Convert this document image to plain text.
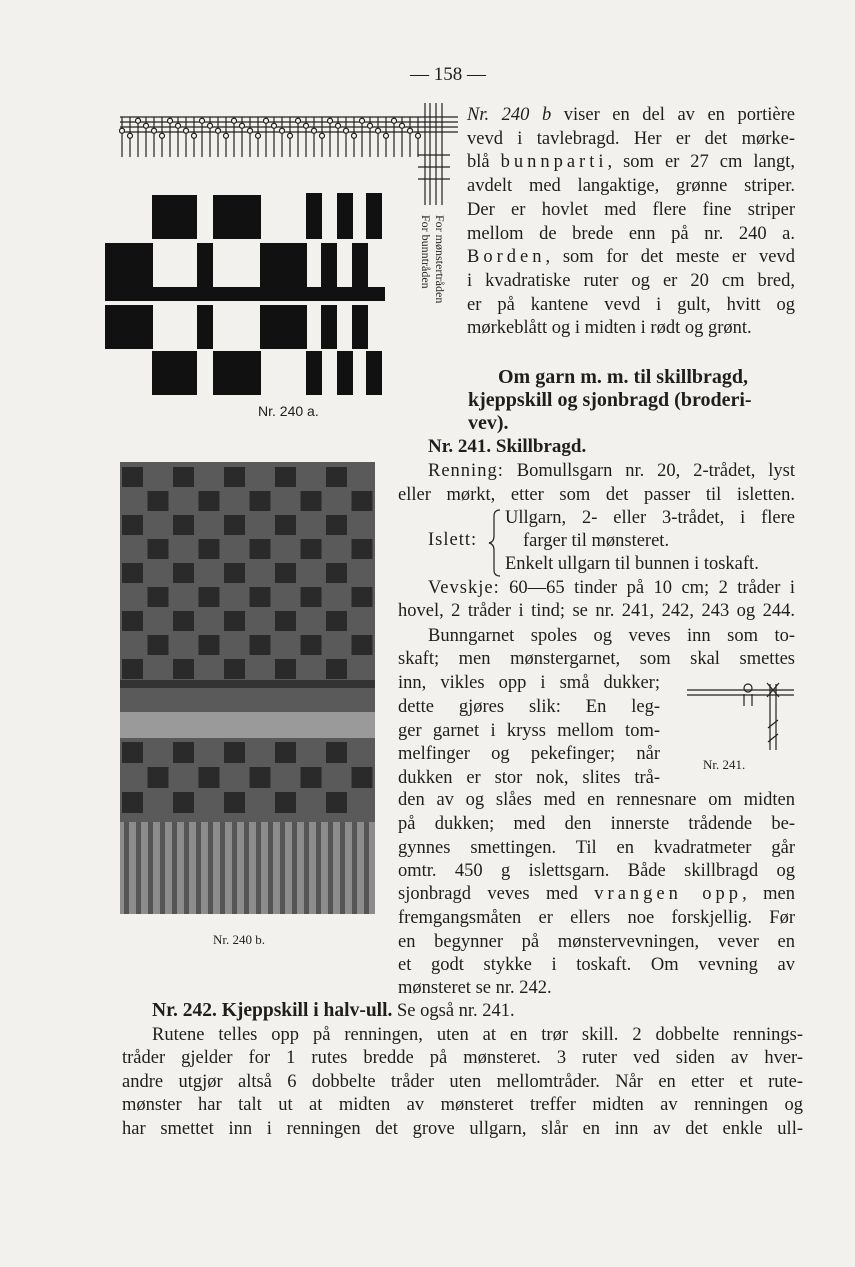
— 158 —
For mønstertråden
For bunntråden
Nr. 240 a.
Nr. 240 b.
Nr. 240 b viser en del av en portière
vevd i tavlebragd. Her er det mørke-
blå bunnparti, som er 27 cm langt,
avdelt med langaktige, grønne striper.
Der er hovlet med flere fine striper
mellom de brede enn på nr. 240 a.
Borden, som for det meste er vevd
i kvadratiske ruter og er 20 cm bred,
er på kantene vevd i gult, hvitt og
mørkeblått og i midten i rødt og grønt.
Om garn m. m. til skillbragd,
kjeppskill og sjonbragd (broderi-
vev).
Nr. 241. Skillbragd.
Renning: Bomullsgarn nr. 20, 2-trådet, lyst
eller mørkt, etter som det passer til isletten.
Islett:
Ullgarn, 2- eller 3-trådet, i flere
farger til mønsteret.
Enkelt ullgarn til bunnen i toskaft.
Vevskje: 60—65 tinder på 10 cm; 2 tråder i
hovel, 2 tråder i tind; se nr. 241, 242, 243 og 244.
Bunngarnet spoles og veves inn som to-
skaft; men mønstergarnet, som skal smettes
inn, vikles opp i små dukker;
dette gjøres slik: En leg-
ger garnet i kryss mellom tom-
melfinger og pekefinger; når
dukken er stor nok, slites trå-
Nr. 241.
den av og slåes med en rennesnare om midten
på dukken; med den innerste trådende be-
gynnes smettingen. Til en kvadratmeter går
omtr. 450 g islettsgarn. Både skillbragd og
sjonbragd veves med vrangen opp, men
fremgangsmåten er ellers noe forskjellig. Før
en begynner på mønstervevningen, vever en
et godt stykke i toskaft. Om vevning av
mønsteret se nr. 242.
Nr. 242. Kjeppskill i halv-ull. Se også nr. 241.
Rutene telles opp på renningen, uten at en trør skill. 2 dobbelte rennings-
tråder gjelder for 1 rutes bredde på mønsteret. 3 ruter ved siden av hver-
andre utgjør altså 6 dobbelte tråder uten mellomtråder. Når en etter et rute-
mønster har talt ut at midten av mønsteret treffer midten av renningen og
har smettet inn i renningen det grove ullgarn, slår en inn av det enkle ull-
